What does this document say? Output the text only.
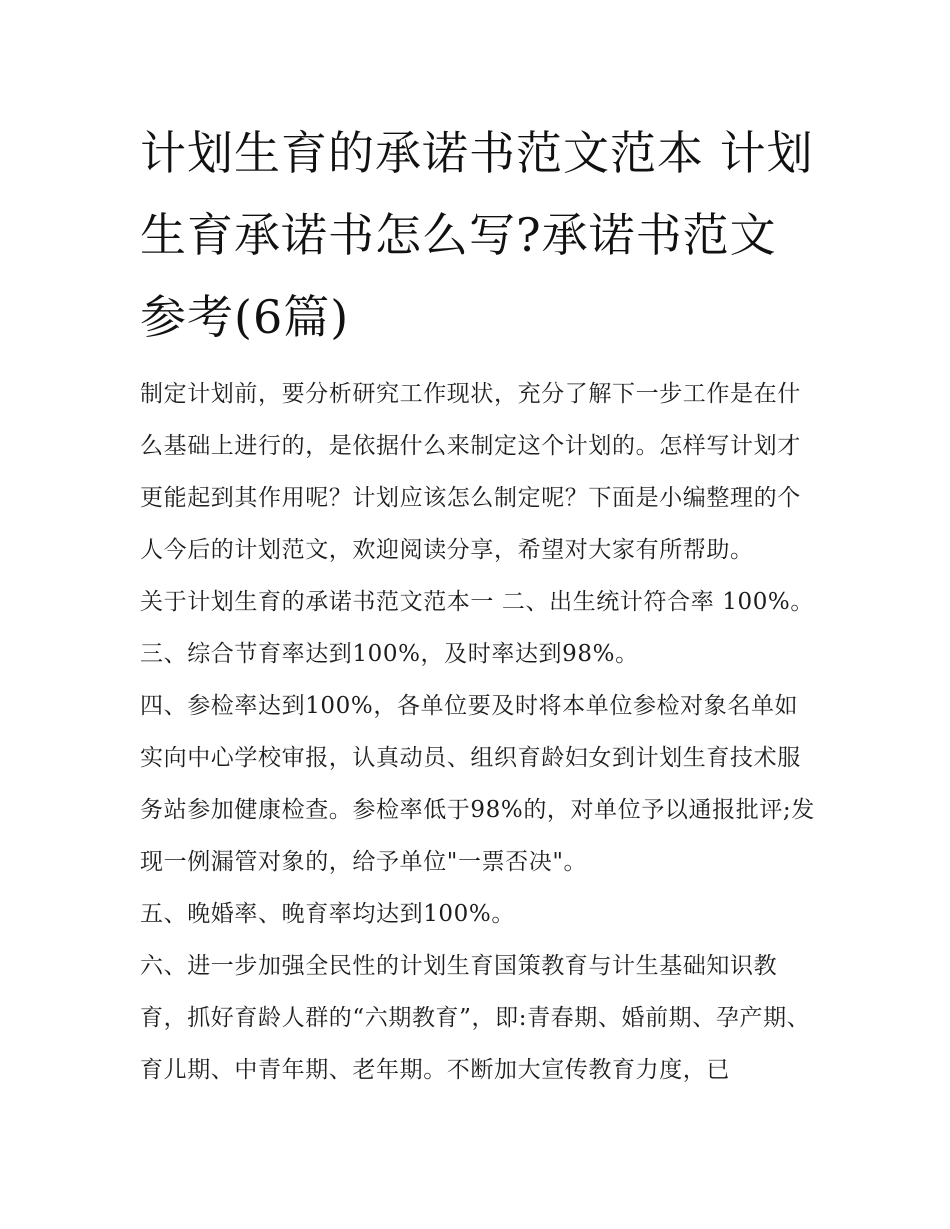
计划生育的承诺书范文范本 计划生育承诺书怎么写?承诺书范文参考(6篇)

制定计划前，要分析研究工作现状，充分了解下一步工作是在什么基础上进行的，是依据什么来制定这个计划的。怎样写计划才更能起到其作用呢？计划应该怎么制定呢？下面是小编整理的个人今后的计划范文，欢迎阅读分享，希望对大家有所帮助。

关于计划生育的承诺书范文范本一 二、出生统计符合率 100%。 三、综合节育率达到100%，及时率达到98%。

四、参检率达到100%，各单位要及时将本单位参检对象名单如实向中心学校审报，认真动员、组织育龄妇女到计划生育技术服务站参加健康检查。参检率低于98%的，对单位予以通报批评;发现一例漏管对象的，给予单位"一票否决"。

五、晚婚率、晚育率均达到100%。

六、进一步加强全民性的计划生育国策教育与计生基础知识教育，抓好育龄人群的“六期教育”，即:青春期、婚前期、孕产期、育儿期、中青年期、老年期。不断加大宣传教育力度，已
